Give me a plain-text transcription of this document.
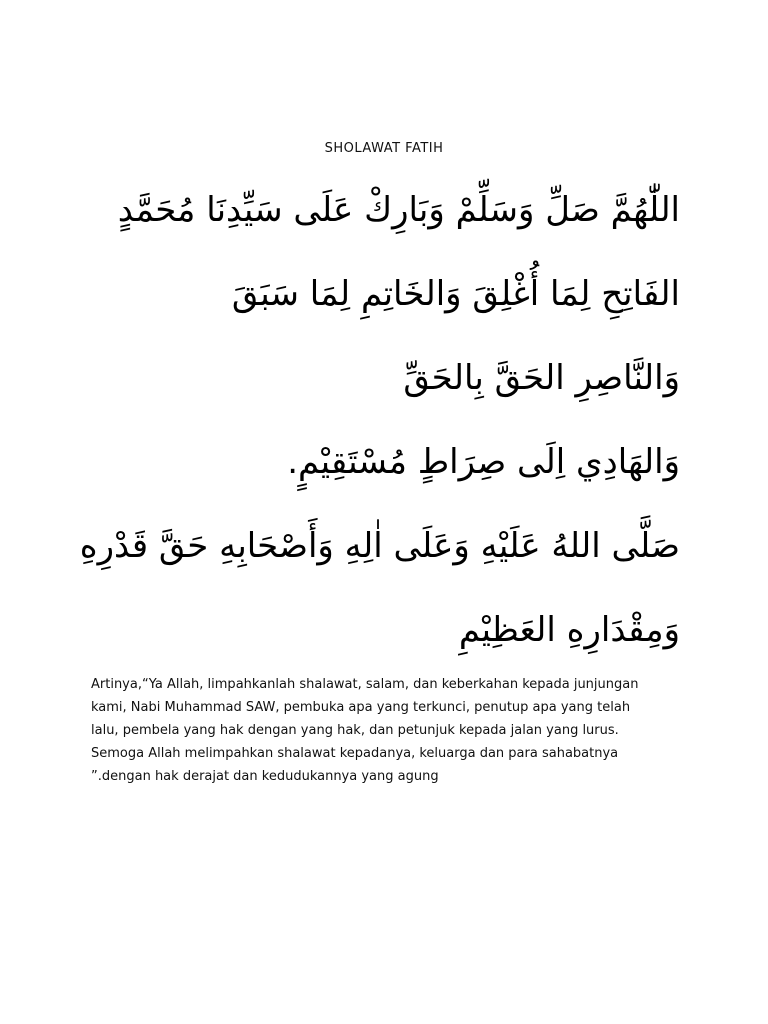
SHOLAWAT FATIH
اللّٰهُمَّ صَلِّ وَسَلِّمْ وَبَارِكْ عَلَى سَيِّدِنَا مُحَمَّدٍ
الفَاتِحِ لِمَا أُغْلِقَ وَالخَاتِمِ لِمَا سَبَقَ
وَالنَّاصِرِ الحَقَّ بِالحَقِّ
وَالهَادِي اِلَى صِرَاطٍ مُسْتَقِيْمٍ.
صَلَّى اللهُ عَلَيْهِ وَعَلَى اٰلِهِ وَأَصْحَابِهِ حَقَّ قَدْرِهِ
وَمِقْدَارِهِ العَظِيْمِ
Artinya,“Ya Allah, limpahkanlah shalawat, salam, dan keberkahan kepada junjungan
kami, Nabi Muhammad SAW, pembuka apa yang terkunci, penutup apa yang telah
lalu, pembela yang hak dengan yang hak, dan petunjuk kepada jalan yang lurus.
Semoga Allah melimpahkan shalawat kepadanya, keluarga dan para sahabatnya
”.dengan hak derajat dan kedudukannya yang agung
